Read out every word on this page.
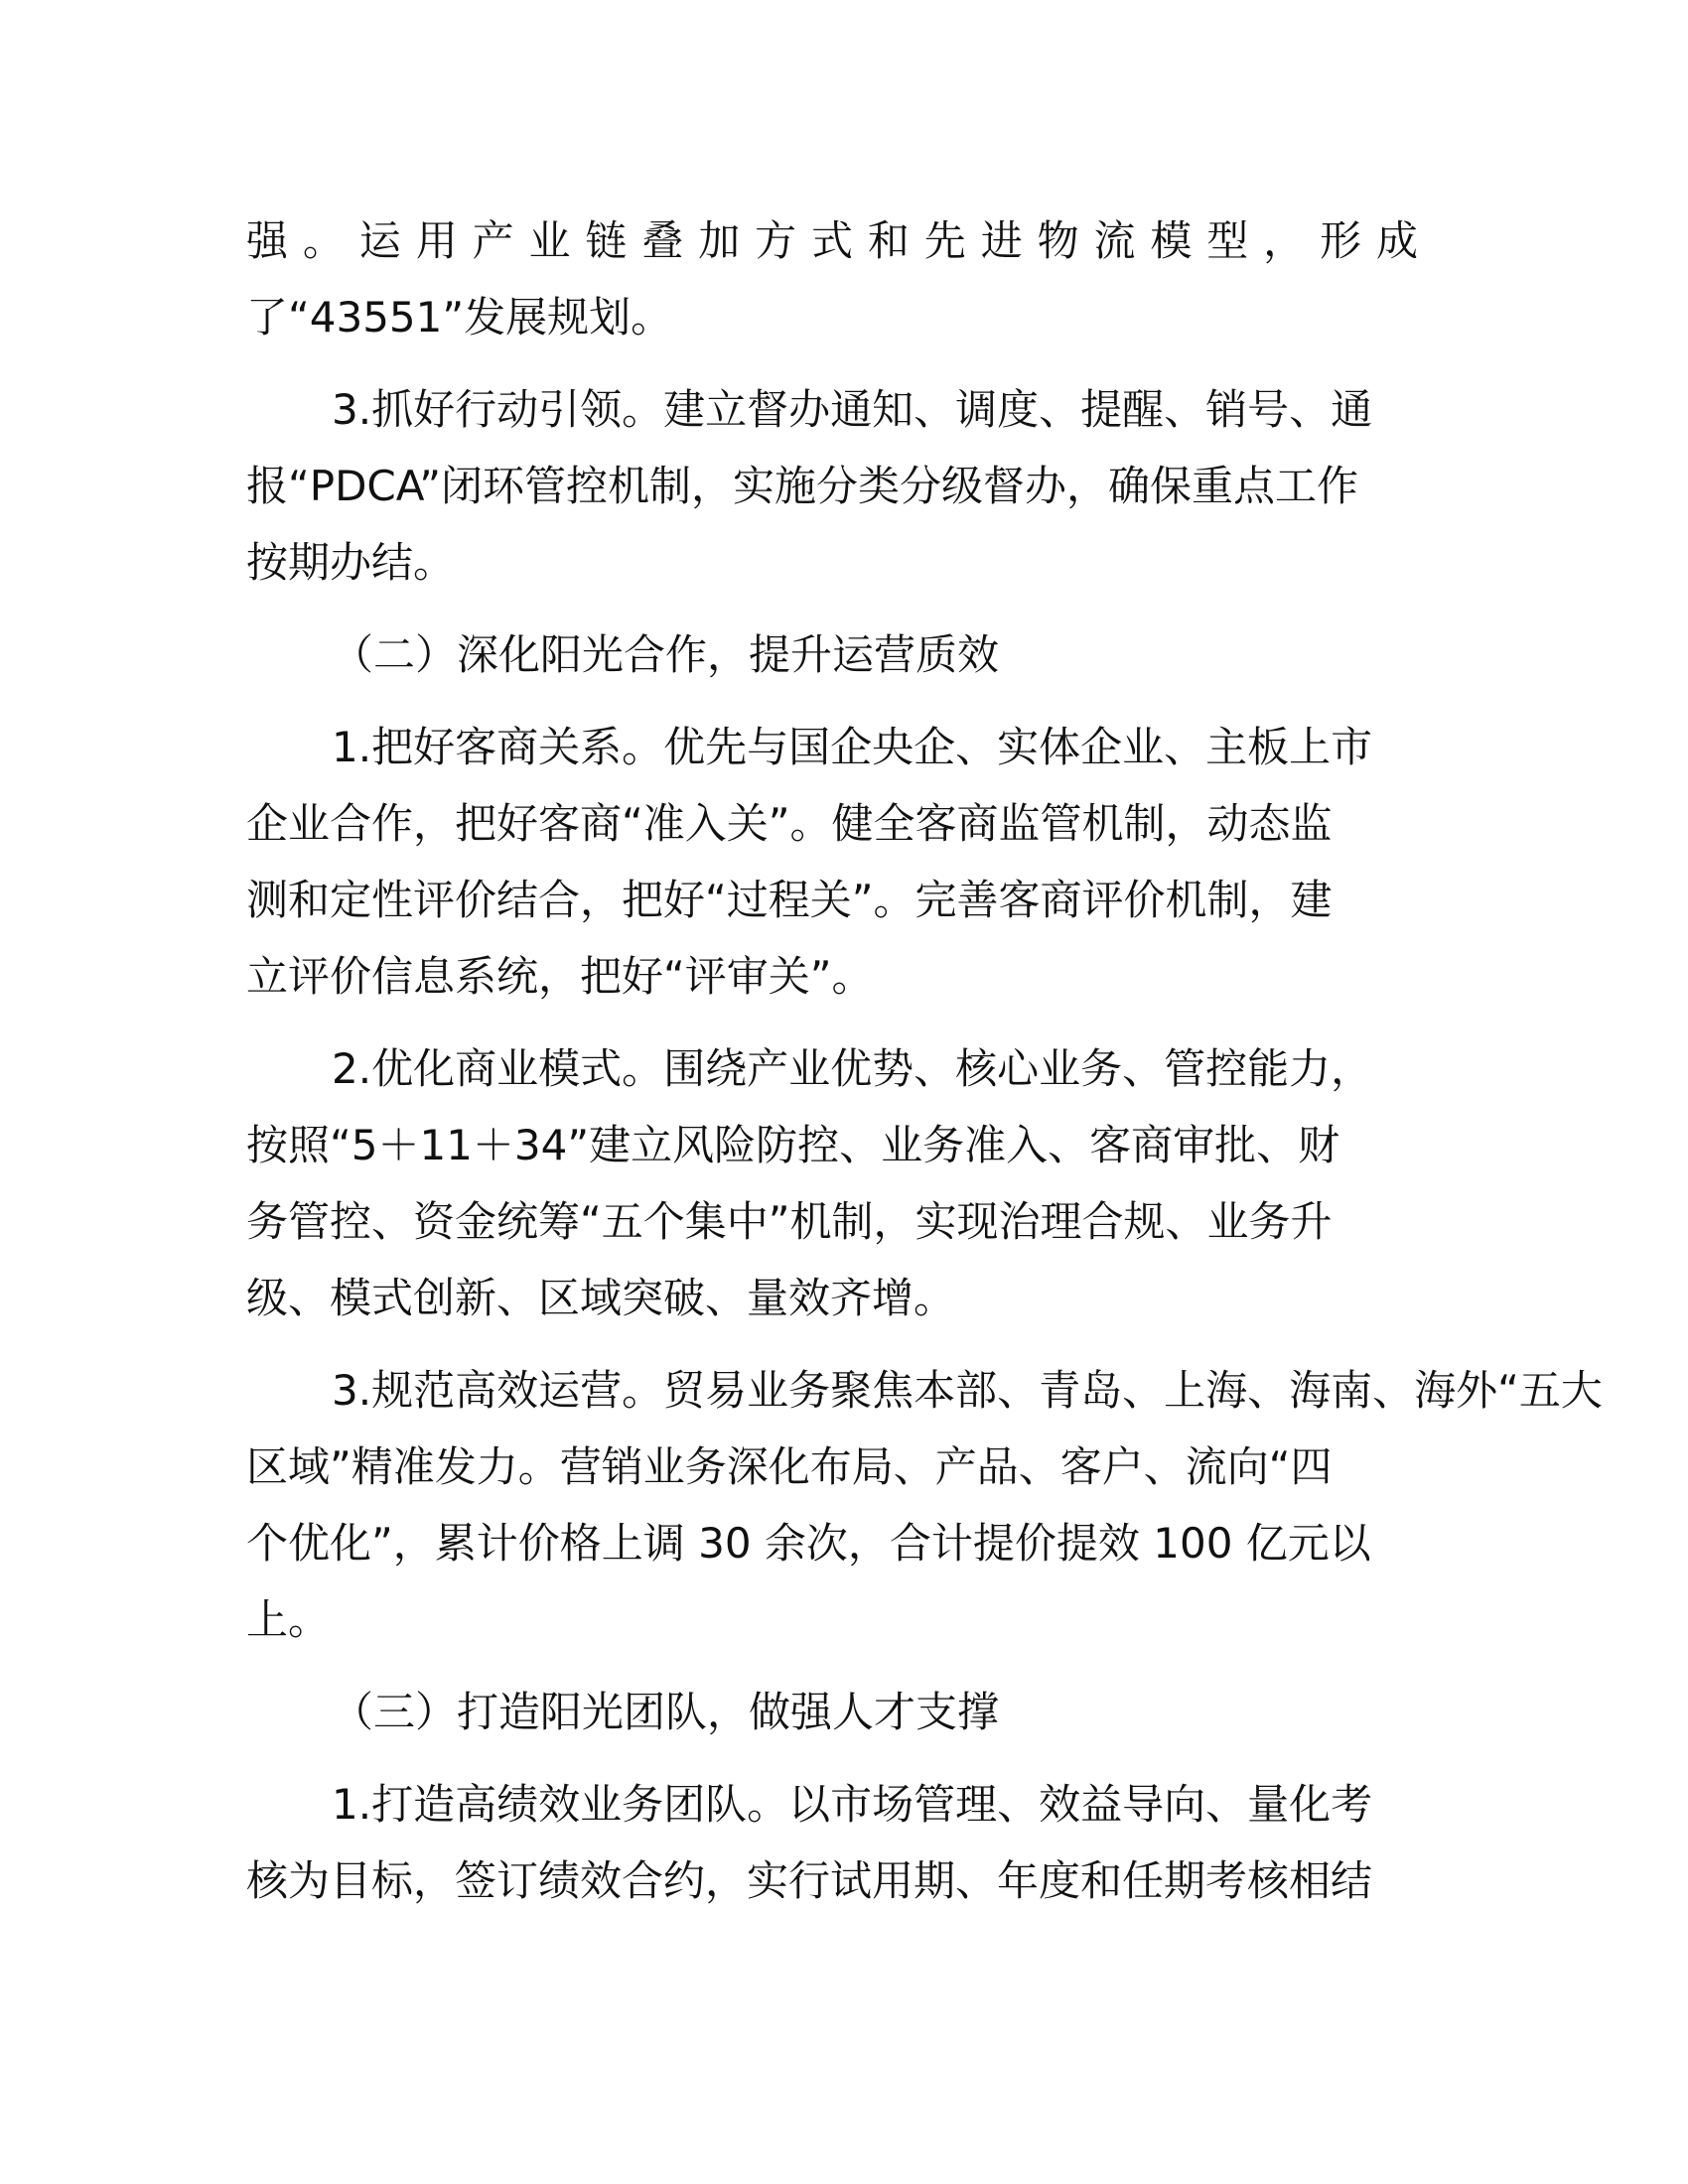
强。运用产业链叠加方式和先进物流模型，形成

了“43551”发展规划。

3.抓好行动引领。建立督办通知、调度、提醒、销号、通

报“PDCA”闭环管控机制，实施分类分级督办，确保重点工作

按期办结。

（二）深化阳光合作，提升运营质效

1.把好客商关系。优先与国企央企、实体企业、主板上市

企业合作，把好客商“准入关”。健全客商监管机制，动态监

测和定性评价结合，把好“过程关”。完善客商评价机制，建

立评价信息系统，把好“评审关”。

2.优化商业模式。围绕产业优势、核心业务、管控能力，

按照“5＋11＋34”建立风险防控、业务准入、客商审批、财

务管控、资金统筹“五个集中”机制，实现治理合规、业务升

级、模式创新、区域突破、量效齐增。

3.规范高效运营。贸易业务聚焦本部、青岛、上海、海南、海外“五大

区域”精准发力。营销业务深化布局、产品、客户、流向“四

个优化”，累计价格上调 30 余次，合计提价提效 100 亿元以

上。

（三）打造阳光团队，做强人才支撑

1.打造高绩效业务团队。以市场管理、效益导向、量化考

核为目标，签订绩效合约，实行试用期、年度和任期考核相结
